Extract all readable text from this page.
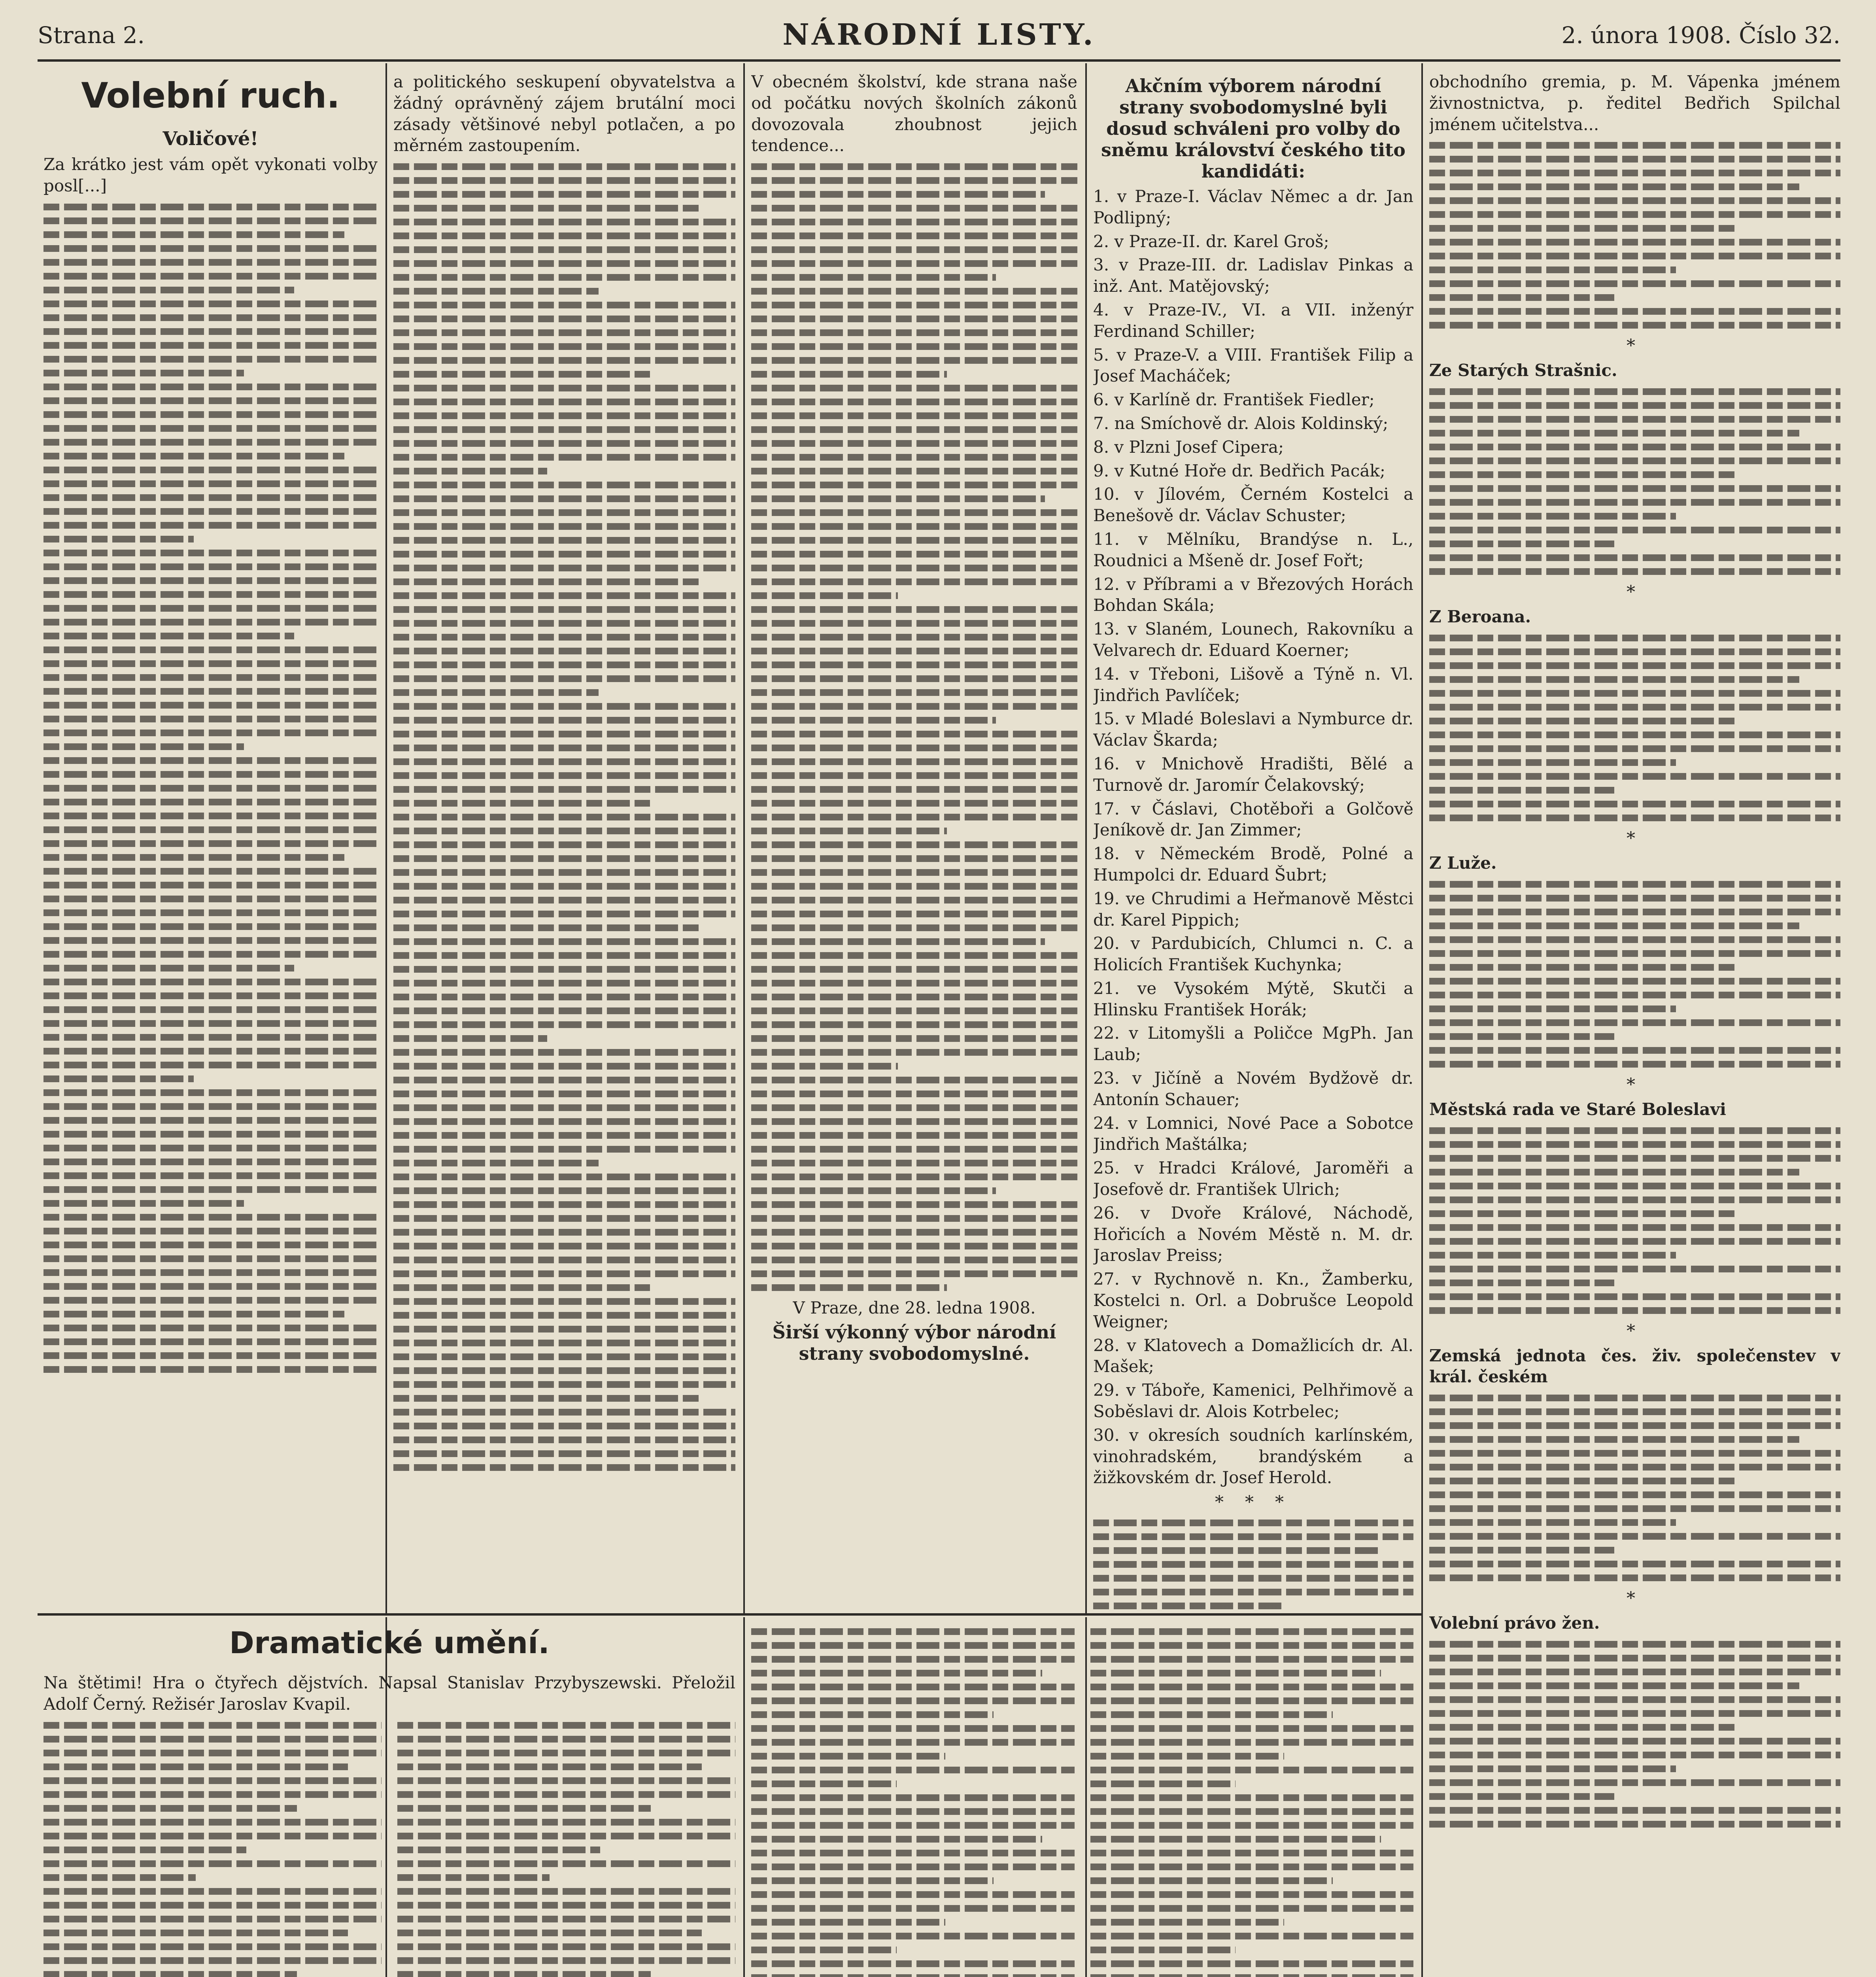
Strana 2.	NÁRODNÍ LISTY.	2. února 1908. Číslo 32.
Volební ruch.
Voličové!

Za krátko jest vám opět vykonati volby posl[...]

a politického seskupení obyvatelstva a žádný oprávněný zájem brutální moci zásady většinové nebyl potlačen, a po měrném zastoupením.

V obecném školství, kde strana naše od počátku nových školních zákonů dovozovala zhoubnost jejich tendence...

V Praze, dne 28. ledna 1908.
Širší výkonný výbor národní strany svobodomyslné.
Akčním výborem národní strany svobodomyslné byli dosud schváleni pro volby do sněmu království českého tito kandidáti:
1. v Praze-I. Václav Němec a dr. Jan Podlipný;
2. v Praze-II. dr. Karel Groš;
3. v Praze-III. dr. Ladislav Pinkas a inž. Ant. Matějovský;
4. v Praze-IV., VI. a VII. inženýr Ferdinand Schiller;
5. v Praze-V. a VIII. František Filip a Josef Macháček;
6. v Karlíně dr. František Fiedler;
7. na Smíchově dr. Alois Koldinský;
8. v Plzni Josef Cipera;
9. v Kutné Hoře dr. Bedřich Pacák;
10. v Jílovém, Černém Kostelci a Benešově dr. Václav Schuster;
11. v Mělníku, Brandýse n. L., Roudnici a Mšeně dr. Josef Fořt;
12. v Příbrami a v Březových Horách Bohdan Skála;
13. v Slaném, Lounech, Rakovníku a Velvarech dr. Eduard Koerner;
14. v Třeboni, Lišově a Týně n. Vl. Jindřich Pavlíček;
15. v Mladé Boleslavi a Nymburce dr. Václav Škarda;
16. v Mnichově Hradišti, Bělé a Turnově dr. Jaromír Čelakovský;
17. v Čáslavi, Chotěboři a Golčově Jeníkově dr. Jan Zimmer;
18. v Německém Brodě, Polné a Humpolci dr. Eduard Šubrt;
19. ve Chrudimi a Heřmanově Městci dr. Karel Pippich;
20. v Pardubicích, Chlumci n. C. a Holicích František Kuchynka;
21. ve Vysokém Mýtě, Skutči a Hlinsku František Horák;
22. v Litomyšli a Poličce MgPh. Jan Laub;
23. v Jičíně a Novém Bydžově dr. Antonín Schauer;
24. v Lomnici, Nové Pace a Sobotce Jindřich Maštálka;
25. v Hradci Králové, Jaroměři a Josefově dr. František Ulrich;
26. v Dvoře Králové, Náchodě, Hořicích a Novém Městě n. M. dr. Jaroslav Preiss;
27. v Rychnově n. Kn., Žamberku, Kostelci n. Orl. a Dobrušce Leopold Weigner;
28. v Klatovech a Domažlicích dr. Al. Mašek;
29. v Táboře, Kamenici, Pelhřimově a Soběslavi dr. Alois Kotrbelec;
30. v okresích soudních karlínském, vinohradském, brandýském a žižkovském dr. Josef Herold.
* * *

obchodního gremia, p. M. Vápenka jménem živnostnictva, p. ředitel Bedřich Spilchal jménem učitelstva...

*
Ze Starých Strašnic.
*
Z Beroana.
*
Z Luže.
*
Městská rada ve Staré Boleslavi
*
Zemská jednota čes. živ. společenstev v král. českém
*
Volební právo žen.
Dramatické umění.

Na štětimi! Hra o čtyřech dějstvích. Napsal Stanislav Przybyszewski. Přeložil Adolf Černý. Režisér Jaroslav Kvapil.
